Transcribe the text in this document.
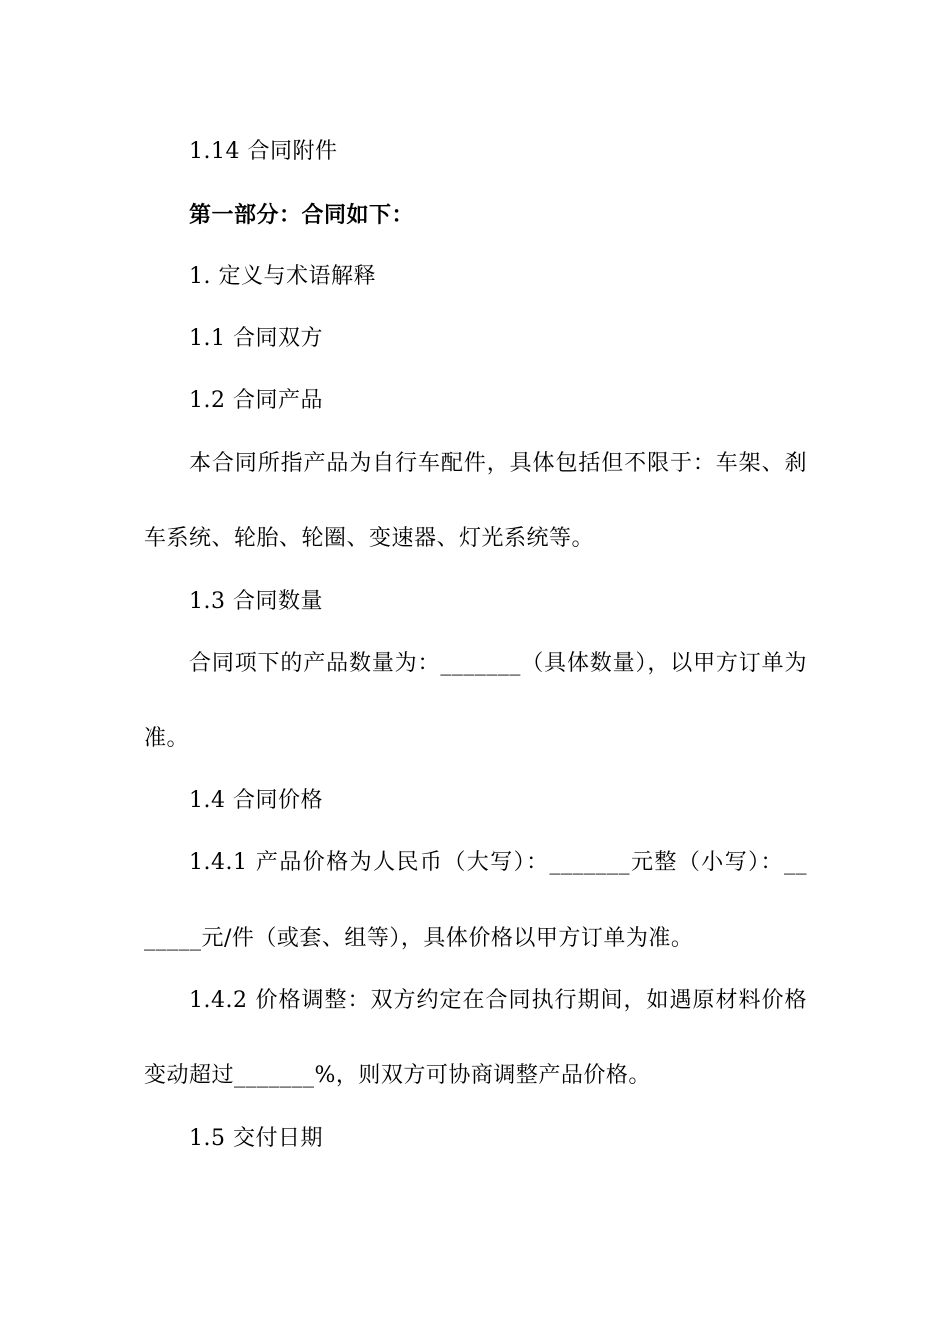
1.14 合同附件
第一部分：合同如下：
1. 定义与术语解释
1.1 合同双方
1.2 合同产品
本合同所指产品为自行车配件，具体包括但不限于：车架、刹
车系统、轮胎、轮圈、变速器、灯光系统等。
1.3 合同数量
合同项下的产品数量为：_______（具体数量），以甲方订单为
准。
1.4 合同价格
1.4.1 产品价格为人民币（大写）：_______元整（小写）：__
_____元/件（或套、组等），具体价格以甲方订单为准。
1.4.2 价格调整：双方约定在合同执行期间，如遇原材料价格
变动超过_______%，则双方可协商调整产品价格。
1.5 交付日期
